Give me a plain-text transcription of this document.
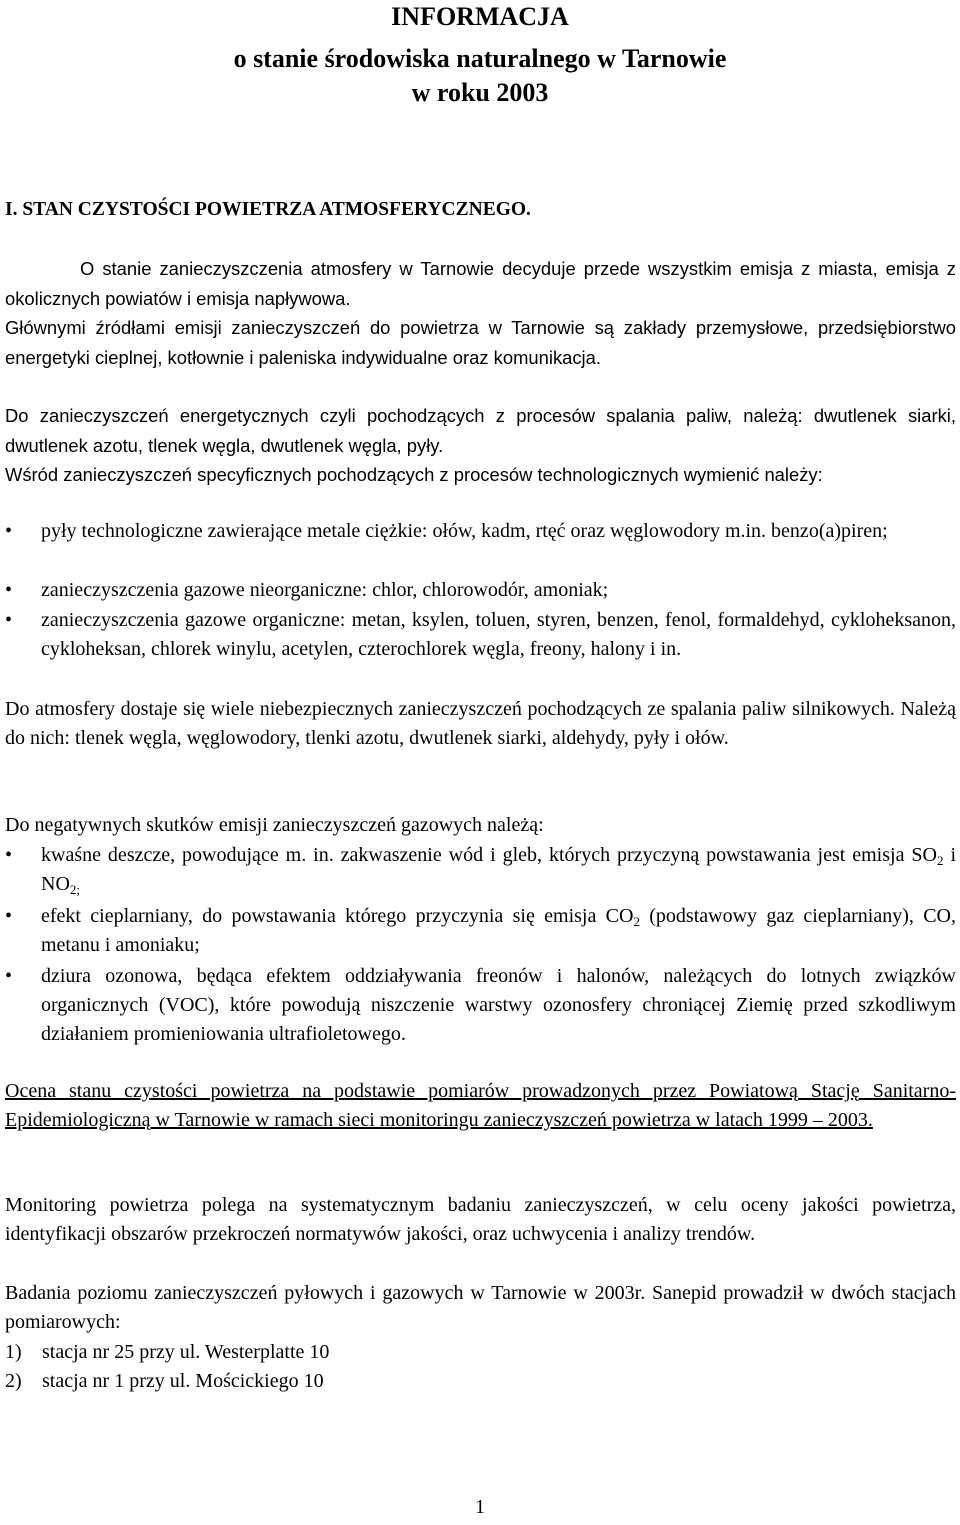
INFORMACJA
o stanie środowiska naturalnego w Tarnowie
w roku 2003
I. STAN CZYSTOŚCI POWIETRZA ATMOSFERYCZNEGO.

O stanie zanieczyszczenia atmosfery w Tarnowie decyduje przede wszystkim emisja z miasta, emisja z okolicznych powiatów i emisja napływowa.

Głównymi źródłami emisji zanieczyszczeń do powietrza w Tarnowie są zakłady przemysłowe, przedsiębiorstwo energetyki cieplnej, kotłownie i paleniska indywidualne oraz komunikacja.

Do zanieczyszczeń energetycznych czyli pochodzących z procesów spalania paliw, należą: dwutlenek siarki, dwutlenek azotu, tlenek węgla, dwutlenek węgla, pyły.

Wśród zanieczyszczeń specyficznych pochodzących z procesów technologicznych wymienić należy:

•	pyły technologiczne zawierające metale ciężkie: ołów, kadm, rtęć oraz węglowodory m.in. benzo(a)piren;

•	zanieczyszczenia gazowe nieorganiczne: chlor, chlorowodór, amoniak;

•	zanieczyszczenia gazowe organiczne: metan, ksylen, toluen, styren, benzen, fenol, formaldehyd, cykloheksanon, cykloheksan, chlorek winylu, acetylen, czterochlorek węgla, freony, halony i in.

Do atmosfery dostaje się wiele niebezpiecznych zanieczyszczeń pochodzących ze spalania paliw silnikowych. Należą do nich: tlenek węgla, węglowodory, tlenki azotu, dwutlenek siarki, aldehydy, pyły i ołów.

Do negatywnych skutków emisji zanieczyszczeń gazowych należą:

•	kwaśne deszcze, powodujące m. in. zakwaszenie wód i gleb, których przyczyną powstawania jest emisja $SO_2$ i $NO_{2;}$

•	efekt cieplarniany, do powstawania którego przyczynia się emisja $CO_2$ (podstawowy gaz cieplarniany), CO, metanu i amoniaku;

•	dziura ozonowa, będąca efektem oddziaływania freonów i halonów, należących do lotnych związków organicznych (VOC), które powodują niszczenie warstwy ozonosfery chroniącej Ziemię przed szkodliwym działaniem promieniowania ultrafioletowego.

Ocena stanu czystości powietrza na podstawie pomiarów prowadzonych przez Powiatową Stację Sanitarno-Epidemiologiczną w Tarnowie w ramach sieci monitoringu zanieczyszczeń powietrza w latach 1999 – 2003.

Monitoring powietrza polega na systematycznym badaniu zanieczyszczeń, w celu oceny jakości powietrza, identyfikacji obszarów przekroczeń normatywów jakości, oraz uchwycenia i analizy trendów.

Badania poziomu zanieczyszczeń pyłowych i gazowych w Tarnowie w 2003r. Sanepid prowadził w dwóch stacjach pomiarowych:

1) stacja nr 25 przy ul. Westerplatte 10
2) stacja nr 1 przy ul. Mościckiego 10
1
